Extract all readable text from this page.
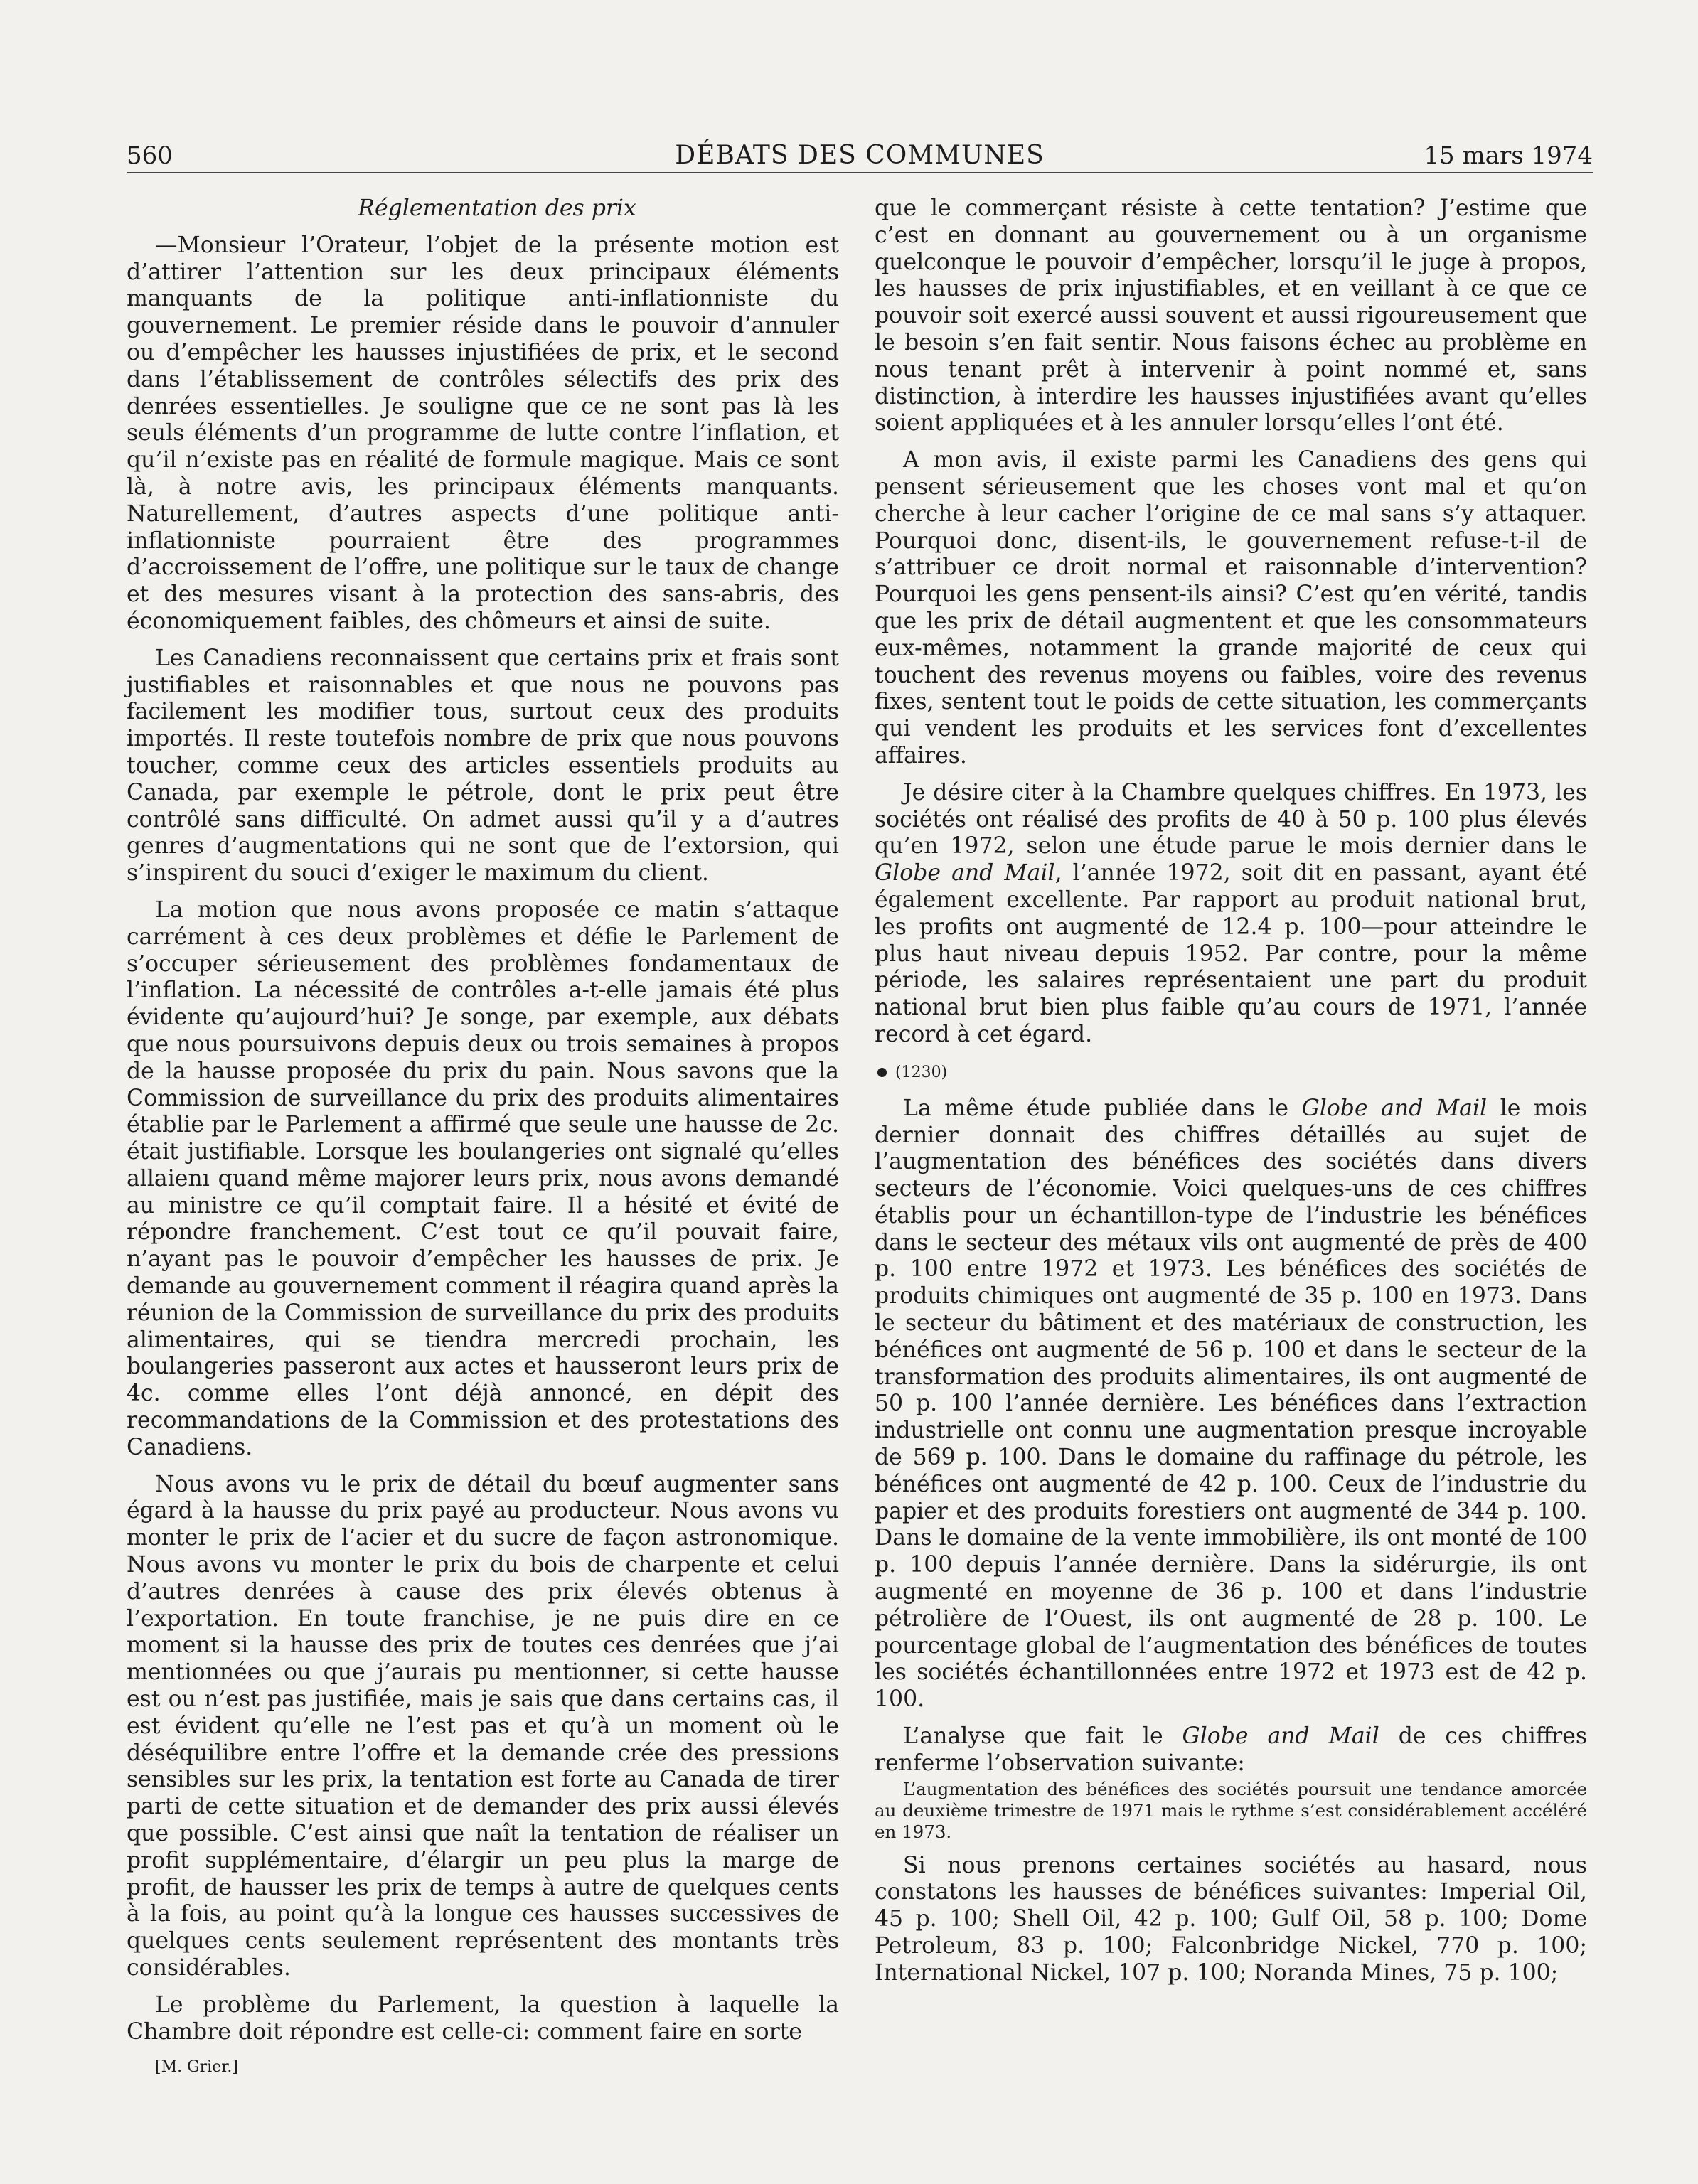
560	DÉBATS DES COMMUNES	15 mars 1974

Réglementation des prix

—Monsieur l’Orateur, l’objet de la présente motion est d’attirer l’attention sur les deux principaux éléments manquants de la politique anti-inflationniste du gouvernement. Le premier réside dans le pouvoir d’annuler ou d’empêcher les hausses injustifiées de prix, et le second dans l’établissement de contrôles sélectifs des prix des denrées essentielles. Je souligne que ce ne sont pas là les seuls éléments d’un programme de lutte contre l’inflation, et qu’il n’existe pas en réalité de formule magique. Mais ce sont là, à notre avis, les principaux éléments manquants. Naturellement, d’autres aspects d’une politique anti-inflationniste pourraient être des programmes d’accroissement de l’offre, une politique sur le taux de change et des mesures visant à la protection des sans-abris, des économiquement faibles, des chômeurs et ainsi de suite.

Les Canadiens reconnaissent que certains prix et frais sont justifiables et raisonnables et que nous ne pouvons pas facilement les modifier tous, surtout ceux des produits importés. Il reste toutefois nombre de prix que nous pouvons toucher, comme ceux des articles essentiels produits au Canada, par exemple le pétrole, dont le prix peut être contrôlé sans difficulté. On admet aussi qu’il y a d’autres genres d’augmentations qui ne sont que de l’extorsion, qui s’inspirent du souci d’exiger le maximum du client.

La motion que nous avons proposée ce matin s’attaque carrément à ces deux problèmes et défie le Parlement de s’occuper sérieusement des problèmes fondamentaux de l’inflation. La nécessité de contrôles a-t-elle jamais été plus évidente qu’aujourd’hui? Je songe, par exemple, aux débats que nous poursuivons depuis deux ou trois semaines à propos de la hausse proposée du prix du pain. Nous savons que la Commission de surveillance du prix des produits alimentaires établie par le Parlement a affirmé que seule une hausse de 2c. était justifiable. Lorsque les boulangeries ont signalé qu’elles allaienı quand même majorer leurs prix, nous avons demandé au ministre ce qu’il comptait faire. Il a hésité et évité de répondre franchement. C’est tout ce qu’il pouvait faire, n’ayant pas le pouvoir d’empêcher les hausses de prix. Je demande au gouvernement comment il réagira quand après la réunion de la Commission de surveillance du prix des produits alimentaires, qui se tiendra mercredi prochain, les boulangeries passeront aux actes et hausseront leurs prix de 4c. comme elles l’ont déjà annoncé, en dépit des recommandations de la Commission et des protestations des Canadiens.

Nous avons vu le prix de détail du bœuf augmenter sans égard à la hausse du prix payé au producteur. Nous avons vu monter le prix de l’acier et du sucre de façon astronomique. Nous avons vu monter le prix du bois de charpente et celui d’autres denrées à cause des prix élevés obtenus à l’exportation. En toute franchise, je ne puis dire en ce moment si la hausse des prix de toutes ces denrées que j’ai mentionnées ou que j’aurais pu mentionner, si cette hausse est ou n’est pas justifiée, mais je sais que dans certains cas, il est évident qu’elle ne l’est pas et qu’à un moment où le déséquilibre entre l’offre et la demande crée des pressions sensibles sur les prix, la tentation est forte au Canada de tirer parti de cette situation et de demander des prix aussi élevés que possible. C’est ainsi que naît la tentation de réaliser un profit supplémentaire, d’élargir un peu plus la marge de profit, de hausser les prix de temps à autre de quelques cents à la fois, au point qu’à la longue ces hausses successives de quelques cents seulement représentent des montants très considérables.

Le problème du Parlement, la question à laquelle la Chambre doit répondre est celle-ci: comment faire en sorte

[M. Grier.]

que le commerçant résiste à cette tentation? J’estime que c’est en donnant au gouvernement ou à un organisme quelconque le pouvoir d’empêcher, lorsqu’il le juge à propos, les hausses de prix injustifiables, et en veillant à ce que ce pouvoir soit exercé aussi souvent et aussi rigoureusement que le besoin s’en fait sentir. Nous faisons échec au problème en nous tenant prêt à intervenir à point nommé et, sans distinction, à interdire les hausses injustifiées avant qu’elles soient appliquées et à les annuler lorsqu’elles l’ont été.

A mon avis, il existe parmi les Canadiens des gens qui pensent sérieusement que les choses vont mal et qu’on cherche à leur cacher l’origine de ce mal sans s’y attaquer. Pourquoi donc, disent-ils, le gouvernement refuse-t-il de s’attribuer ce droit normal et raisonnable d’intervention? Pourquoi les gens pensent-ils ainsi? C’est qu’en vérité, tandis que les prix de détail augmentent et que les consommateurs eux-mêmes, notamment la grande majorité de ceux qui touchent des revenus moyens ou faibles, voire des revenus fixes, sentent tout le poids de cette situation, les commerçants qui vendent les produits et les services font d’excellentes affaires.

Je désire citer à la Chambre quelques chiffres. En 1973, les sociétés ont réalisé des profits de 40 à 50 p. 100 plus élevés qu’en 1972, selon une étude parue le mois dernier dans le Globe and Mail, l’année 1972, soit dit en passant, ayant été également excellente. Par rapport au produit national brut, les profits ont augmenté de 12.4 p. 100—pour atteindre le plus haut niveau depuis 1952. Par contre, pour la même période, les salaires représentaient une part du produit national brut bien plus faible qu’au cours de 1971, l’année record à cet égard.

(1230)

La même étude publiée dans le Globe and Mail le mois dernier donnait des chiffres détaillés au sujet de l’augmentation des bénéfices des sociétés dans divers secteurs de l’économie. Voici quelques-uns de ces chiffres établis pour un échantillon-type de l’industrie les bénéfices dans le secteur des métaux vils ont augmenté de près de 400 p. 100 entre 1972 et 1973. Les bénéfices des sociétés de produits chimiques ont augmenté de 35 p. 100 en 1973. Dans le secteur du bâtiment et des matériaux de construction, les bénéfices ont augmenté de 56 p. 100 et dans le secteur de la transformation des produits alimentaires, ils ont augmenté de 50 p. 100 l’année dernière. Les bénéfices dans l’extraction industrielle ont connu une augmentation presque incroyable de 569 p. 100. Dans le domaine du raffinage du pétrole, les bénéfices ont augmenté de 42 p. 100. Ceux de l’industrie du papier et des produits forestiers ont augmenté de 344 p. 100. Dans le domaine de la vente immobilière, ils ont monté de 100 p. 100 depuis l’année dernière. Dans la sidérurgie, ils ont augmenté en moyenne de 36 p. 100 et dans l’industrie pétrolière de l’Ouest, ils ont augmenté de 28 p. 100. Le pourcentage global de l’augmentation des bénéfices de toutes les sociétés échantillonnées entre 1972 et 1973 est de 42 p. 100.

L’analyse que fait le Globe and Mail de ces chiffres renferme l’observation suivante:

L’augmentation des bénéfices des sociétés poursuit une tendance amorcée au deuxième trimestre de 1971 mais le rythme s’est considérablement accéléré en 1973.

Si nous prenons certaines sociétés au hasard, nous constatons les hausses de bénéfices suivantes: Imperial Oil, 45 p. 100; Shell Oil, 42 p. 100; Gulf Oil, 58 p. 100; Dome Petroleum, 83 p. 100; Falconbridge Nickel, 770 p. 100; International Nickel, 107 p. 100; Noranda Mines, 75 p. 100;
